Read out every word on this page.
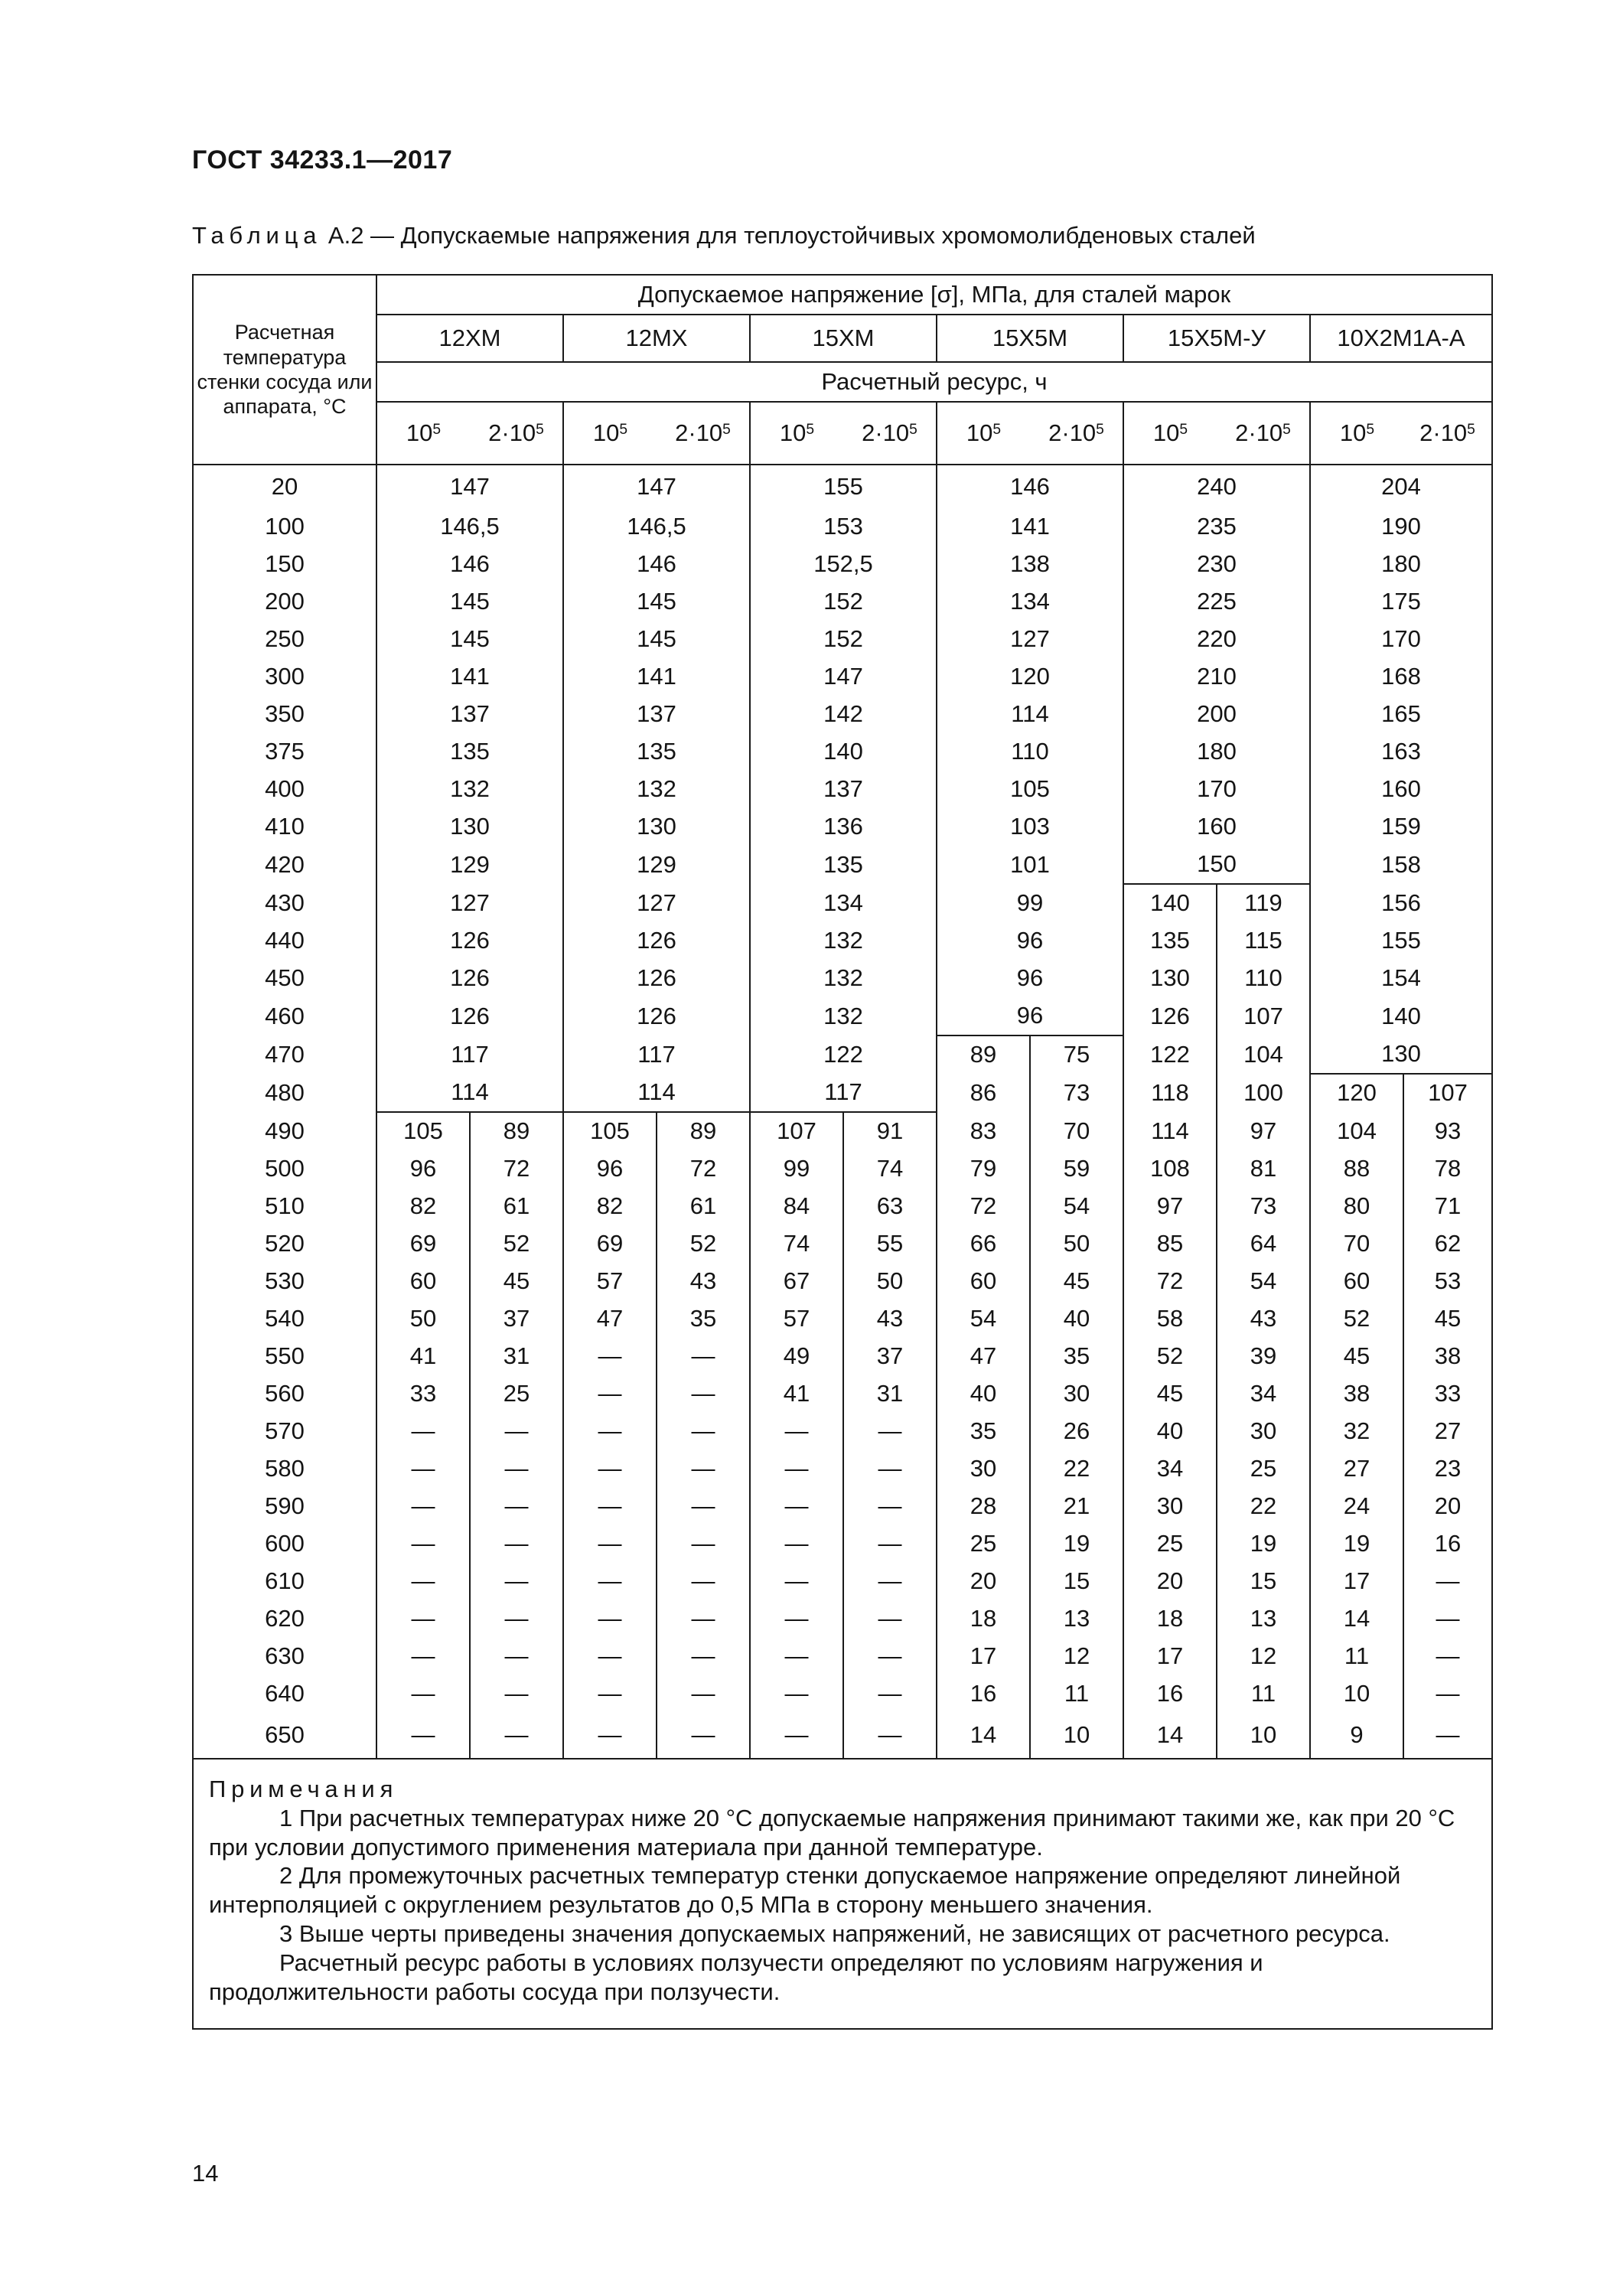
ГОСТ 34233.1—2017
Таблица А.2 — Допускаемые напряжения для теплоустойчивых хромомолибденовых сталей
Расчетная температура стенки сосуда или аппарата, °С	Допускаемое напряжение [σ], МПа, для сталей марок											
	12ХМ		12МХ		15ХМ		15Х5М		15Х5М-У		10Х2М1А-А	
	Расчетный ресурс, ч											
	$10^5$	$2\cdot 10^5$	$10^5$	$2\cdot 10^5$	$10^5$	$2\cdot 10^5$	$10^5$	$2\cdot 10^5$	$10^5$	$2\cdot 10^5$	$10^5$	$2\cdot 10^5$
20	147		147		155		146		240		204	
100	146,5		146,5		153		141		235		190	
150	146		146		152,5		138		230		180	
200	145		145		152		134		225		175	
250	145		145		152		127		220		170	
300	141		141		147		120		210		168	
350	137		137		142		114		200		165	
375	135		135		140		110		180		163	
400	132		132		137		105		170		160	
410	130		130		136		103		160		159	
420	129		129		135		101		150		158	
430	127		127		134		99		140	119	156	
440	126		126		132		96		135	115	155	
450	126		126		132		96		130	110	154	
460	126		126		132		96		126	107	140	
470	117		117		122		89	75	122	104	130	
480	114		114		117		86	73	118	100	120	107
490	105	89	105	89	107	91	83	70	114	97	104	93
500	96	72	96	72	99	74	79	59	108	81	88	78
510	82	61	82	61	84	63	72	54	97	73	80	71
520	69	52	69	52	74	55	66	50	85	64	70	62
530	60	45	57	43	67	50	60	45	72	54	60	53
540	50	37	47	35	57	43	54	40	58	43	52	45
550	41	31	—	—	49	37	47	35	52	39	45	38
560	33	25	—	—	41	31	40	30	45	34	38	33
570	—	—	—	—	—	—	35	26	40	30	32	27
580	—	—	—	—	—	—	30	22	34	25	27	23
590	—	—	—	—	—	—	28	21	30	22	24	20
600	—	—	—	—	—	—	25	19	25	19	19	16
610	—	—	—	—	—	—	20	15	20	15	17	—
620	—	—	—	—	—	—	18	13	18	13	14	—
630	—	—	—	—	—	—	17	12	17	12	11	—
640	—	—	—	—	—	—	16	11	16	11	10	—
650	—	—	—	—	—	—	14	10	14	10	9	—

Примечания

1 При расчетных температурах ниже 20 °С допускаемые напряжения принимают такими же, как при 20 °С при условии допустимого применения материала при данной температуре.

2 Для промежуточных расчетных температур стенки допускаемое напряжение определяют линейной интерполяцией с округлением результатов до 0,5 МПа в сторону меньшего значения.

3 Выше черты приведены значения допускаемых напряжений, не зависящих от расчетного ресурса.

Расчетный ресурс работы в условиях ползучести определяют по условиям нагружения и продолжительности работы сосуда при ползучести.												

14
